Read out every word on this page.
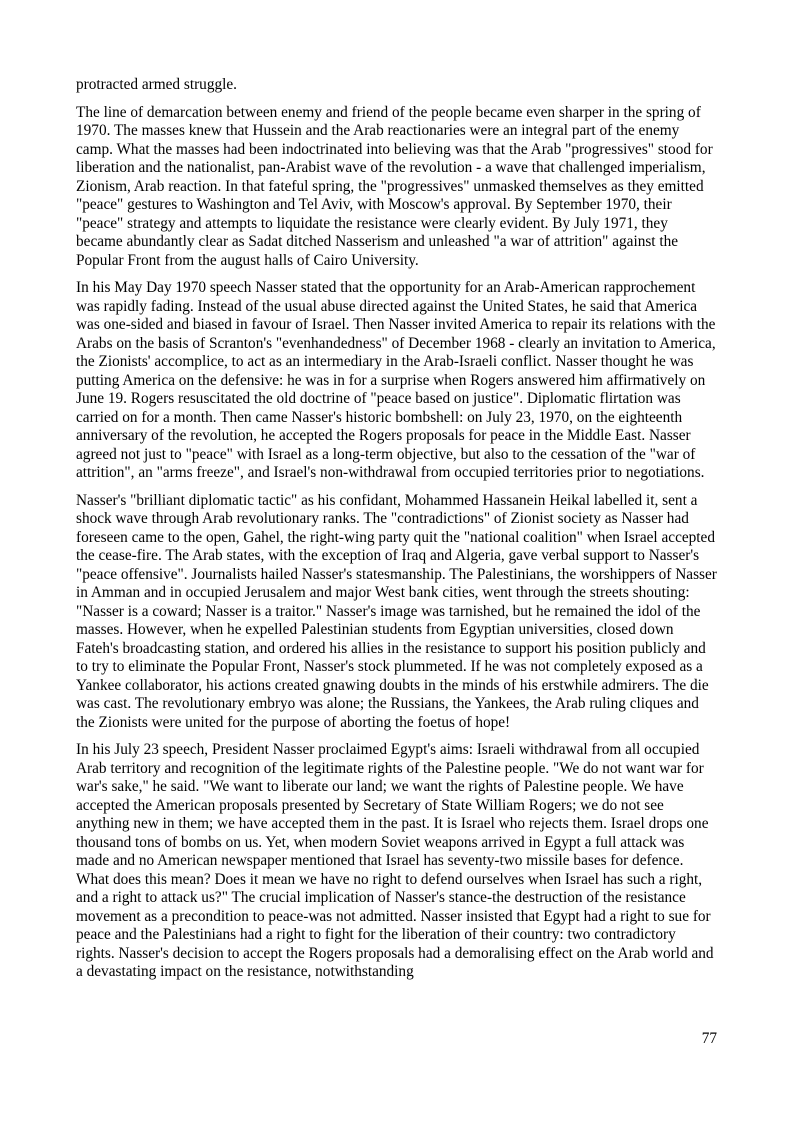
protracted armed struggle.

The line of demarcation between enemy and friend of the people became even sharper in the spring of 1970. The masses knew that Hussein and the Arab reactionaries were an integral part of the enemy camp. What the masses had been indoctrinated into believing was that the Arab "progressives" stood for liberation and the nationalist, pan-Arabist wave of the revolution - a wave that challenged imperialism, Zionism, Arab reaction. In that fateful spring, the "progressives" unmasked themselves as they emitted "peace" gestures to Washington and Tel Aviv, with Moscow's approval. By September 1970, their "peace" strategy and attempts to liquidate the resistance were clearly evident. By July 1971, they became abundantly clear as Sadat ditched Nasserism and unleashed "a war of attrition" against the Popular Front from the august halls of Cairo University.

In his May Day 1970 speech Nasser stated that the opportunity for an Arab-American rapprochement was rapidly fading. Instead of the usual abuse directed against the United States, he said that America was one-sided and biased in favour of Israel. Then Nasser invited America to repair its relations with the Arabs on the basis of Scranton's "evenhandedness" of December 1968 - clearly an invitation to America, the Zionists' accomplice, to act as an intermediary in the Arab-Israeli conflict. Nasser thought he was putting America on the defensive: he was in for a surprise when Rogers answered him affirmatively on June 19. Rogers resuscitated the old doctrine of "peace based on justice". Diplomatic flirtation was carried on for a month. Then came Nasser's historic bombshell: on July 23, 1970, on the eighteenth anniversary of the revolution, he accepted the Rogers proposals for peace in the Middle East. Nasser agreed not just to "peace" with Israel as a long-term objective, but also to the cessation of the "war of attrition", an "arms freeze", and Israel's non-withdrawal from occupied territories prior to negotiations.

Nasser's "brilliant diplomatic tactic" as his confidant, Mohammed Hassanein Heikal labelled it, sent a shock wave through Arab revolutionary ranks. The "contradictions" of Zionist society as Nasser had foreseen came to the open, Gahel, the right-wing party quit the "national coalition" when Israel accepted the cease-fire. The Arab states, with the exception of Iraq and Algeria, gave verbal support to Nasser's "peace offensive". Journalists hailed Nasser's statesmanship. The Palestinians, the worshippers of Nasser in Amman and in occupied Jerusalem and major West bank cities, went through the streets shouting: "Nasser is a coward; Nasser is a traitor." Nasser's image was tarnished, but he remained the idol of the masses. However, when he expelled Palestinian students from Egyptian universities, closed down Fateh's broadcasting station, and ordered his allies in the resistance to support his position publicly and to try to eliminate the Popular Front, Nasser's stock plummeted. If he was not completely exposed as a Yankee collaborator, his actions created gnawing doubts in the minds of his erstwhile admirers. The die was cast. The revolutionary embryo was alone; the Russians, the Yankees, the Arab ruling cliques and the Zionists were united for the purpose of aborting the foetus of hope!

In his July 23 speech, President Nasser proclaimed Egypt's aims: Israeli withdrawal from all occupied Arab territory and recognition of the legitimate rights of the Palestine people. "We do not want war for war's sake," he said. "We want to liberate our land; we want the rights of Palestine people. We have accepted the American proposals presented by Secretary of State William Rogers; we do not see anything new in them; we have accepted them in the past. It is Israel who rejects them. Israel drops one thousand tons of bombs on us. Yet, when modern Soviet weapons arrived in Egypt a full attack was made and no American newspaper mentioned that Israel has seventy-two missile bases for defence. What does this mean? Does it mean we have no right to defend ourselves when Israel has such a right, and a right to attack us?" The crucial implication of Nasser's stance-the destruction of the resistance movement as a precondition to peace-was not admitted. Nasser insisted that Egypt had a right to sue for peace and the Palestinians had a right to fight for the liberation of their country: two contradictory rights. Nasser's decision to accept the Rogers proposals had a demoralising effect on the Arab world and a devastating impact on the resistance, notwithstanding

77
